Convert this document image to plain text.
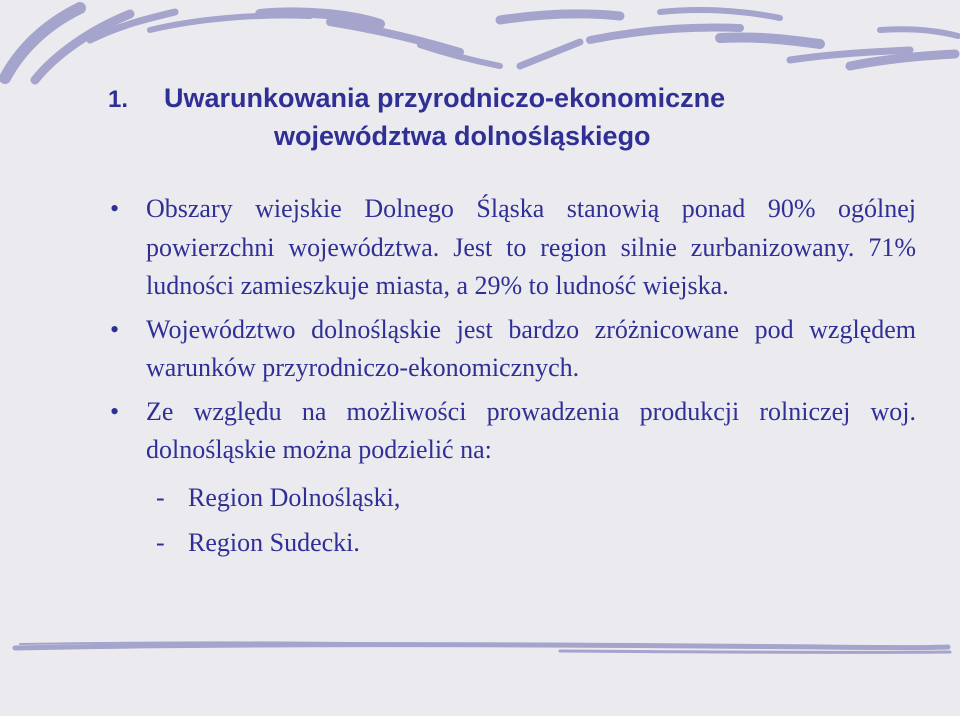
1. Uwarunkowania przyrodniczo-ekonomiczne
województwa dolnośląskiego
• Obszary wiejskie Dolnego Śląska stanowią ponad 90% ogólnej powierzchni województwa. Jest to region silnie zurbanizowany. 71% ludności zamieszkuje miasta, a 29% to ludność wiejska.
• Województwo dolnośląskie jest bardzo zróżnicowane pod względem warunków przyrodniczo-ekonomicznych.
• Ze względu na możliwości prowadzenia produkcji rolniczej woj. dolnośląskie można podzielić na:
- Region Dolnośląski,
- Region Sudecki.
